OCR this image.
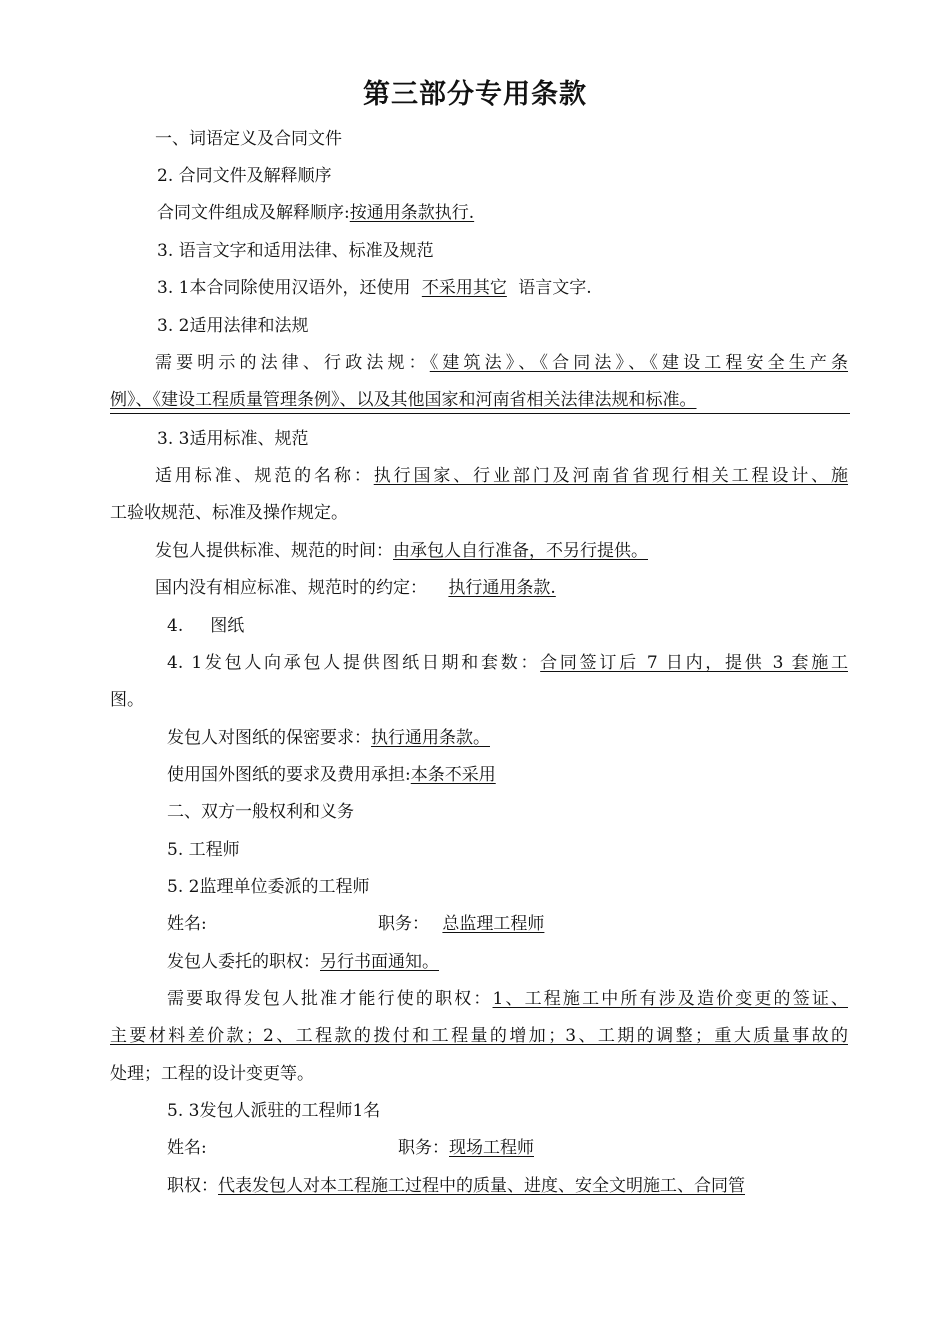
第三部分专用条款
一、词语定义及合同文件
2. 合同文件及解释顺序
合同文件组成及解释顺序:按通用条款执行.
3. 语言文字和适用法律、标准及规范
3. 1本合同除使用汉语外，还使用 不采用其它 语言文字.
3. 2适用法律和法规
需要明示的法律、行政法规：《建筑法》、《合同法》、《建设工程安全生产条
例》、《建设工程质量管理条例》、以及其他国家和河南省相关法律法规和标准。
3. 3适用标准、规范
适用标准、规范的名称：执行国家、行业部门及河南省省现行相关工程设计、施
工验收规范、标准及操作规定。
发包人提供标准、规范的时间：由承包人自行准备，不另行提供。
国内没有相应标准、规范时的约定： 执行通用条款.
4.     图纸
4. 1发包人向承包人提供图纸日期和套数：合同签订后 7 日内，提供 3 套施工
图。
发包人对图纸的保密要求：执行通用条款。
使用国外图纸的要求及费用承担:本条不采用
二、双方一般权利和义务
5. 工程师
5. 2监理单位委派的工程师
姓名:	职务： 总监理工程师
发包人委托的职权：另行书面通知。
需要取得发包人批准才能行使的职权：1、工程施工中所有涉及造价变更的签证、
主要材料差价款；2、工程款的拨付和工程量的增加；3、工期的调整；重大质量事故的
处理；工程的设计变更等。
5. 3发包人派驻的工程师1名
姓名:	职务：现场工程师
职权：代表发包人对本工程施工过程中的质量、进度、安全文明施工、合同管
